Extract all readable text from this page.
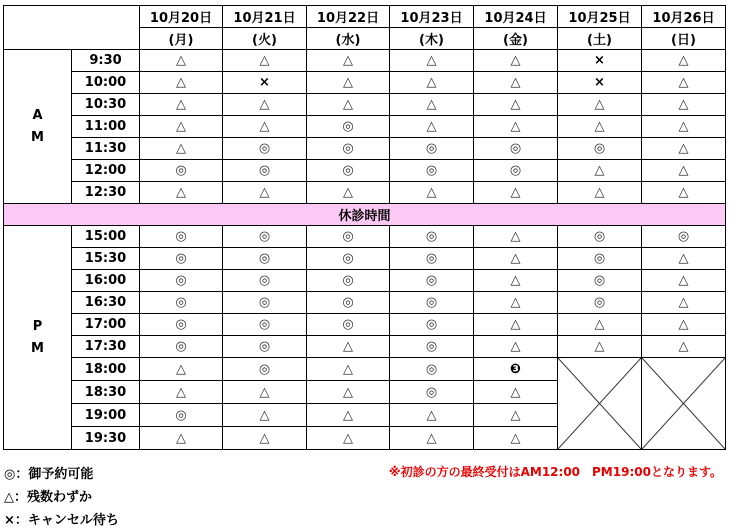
		10月20日	10月21日	10月22日	10月23日	10月24日	10月25日	10月26日
		(月)	(火)	(水)	(木)	(金)	(土)	(日)
A
M	9:30	△	△	△	△	△	×	△
	10:00	△	×	△	△	△	×	△
	10:30	△	△	△	△	△	△	△
	11:00	△	△	◎	△	△	△	△
	11:30	△	◎	◎	◎	◎	◎	△
	12:00	◎	◎	◎	◎	◎	△	△
	12:30	△	△	△	△	△	△	△
休診時間								
P
M	15:00	◎	◎	◎	◎	△	◎	◎
	15:30	◎	◎	◎	◎	△	◎	△
	16:00	◎	◎	◎	◎	△	◎	△
	16:30	◎	◎	◎	◎	△	◎	△
	17:00	◎	◎	◎	◎	△	△	△
	17:30	◎	◎	△	◎	△	△	△
	18:00	△	◎	△	◎	❸	

	18:30	△	△	△	◎	△		
	19:00	◎	△	△	△	△		
	19:30	△	△	△	△	△		
◎：御予約可能
△：残数わずか
×：キャンセル待ち
※初診の方の最終受付はAM12:00　PM19:00となります。
